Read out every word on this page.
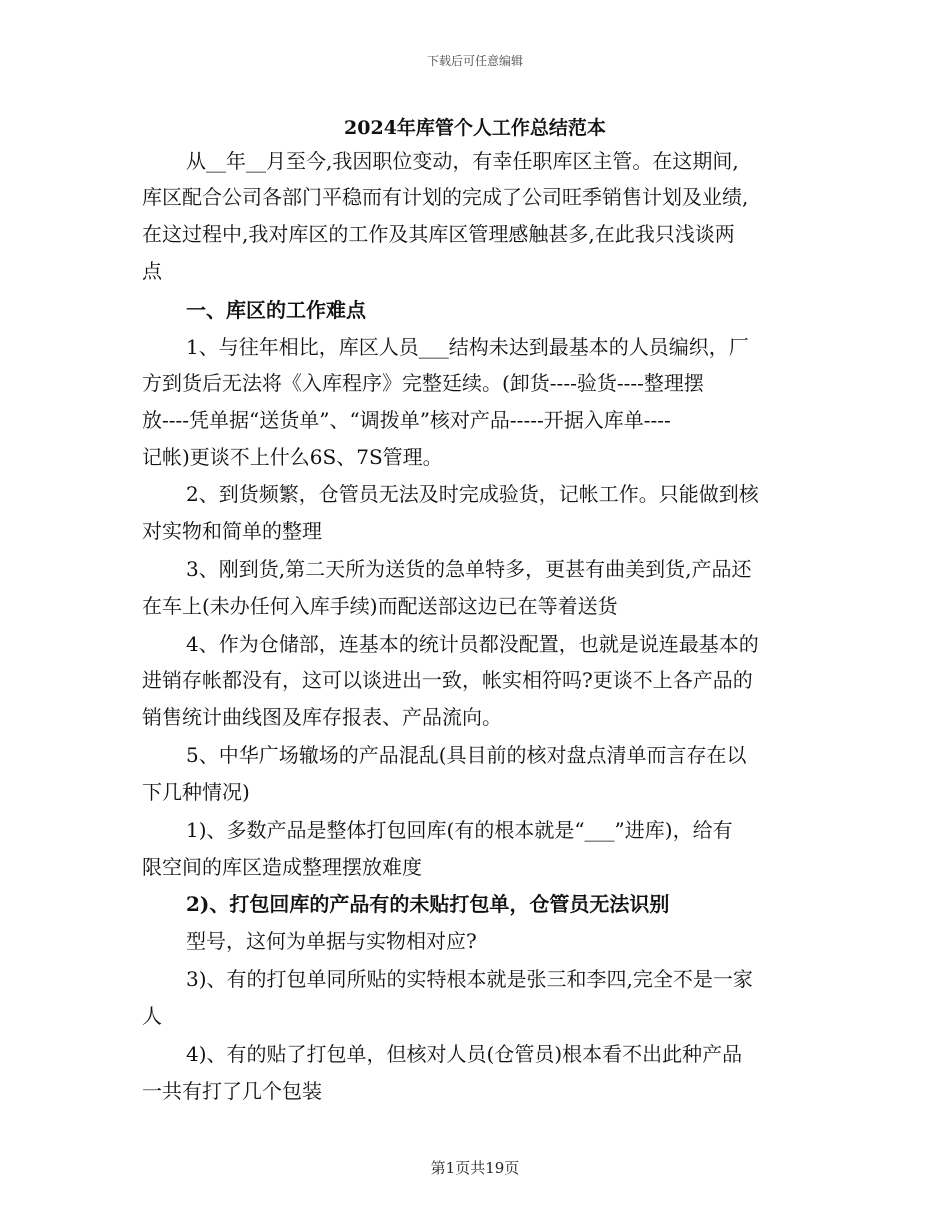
下载后可任意编辑
2024年库管个人工作总结范本
从__年__月至今,我因职位变动，有幸任职库区主管。在这期间,
库区配合公司各部门平稳而有计划的完成了公司旺季销售计划及业绩,
在这过程中,我对库区的工作及其库区管理感触甚多,在此我只浅谈两
点
一、库区的工作难点
1、与往年相比，库区人员___结构未达到最基本的人员编织，厂
方到货后无法将《入库程序》完整廷续。(卸货----验货----整理摆
放----凭单据“送货单”、“调拨单”核对产品-----开据入库单----
记帐)更谈不上什么6S、7S管理。
2、到货频繁，仓管员无法及时完成验货，记帐工作。只能做到核
对实物和简单的整理
3、刚到货,第二天所为送货的急单特多，更甚有曲美到货,产品还
在车上(未办任何入库手续)而配送部这边已在等着送货
4、作为仓储部，连基本的统计员都没配置，也就是说连最基本的
进销存帐都没有，这可以谈进出一致，帐实相符吗?更谈不上各产品的
销售统计曲线图及库存报表、产品流向。
5、中华广场辙场的产品混乱(具目前的核对盘点清单而言存在以
下几种情况)
1)、多数产品是整体打包回库(有的根本就是“___”进库)，给有
限空间的库区造成整理摆放难度
2)、打包回库的产品有的未贴打包单，仓管员无法识别
型号，这何为单据与实物相对应?
3)、有的打包单同所贴的实特根本就是张三和李四,完全不是一家
人
4)、有的贴了打包单，但核对人员(仓管员)根本看不出此种产品
一共有打了几个包装
第1页共19页
